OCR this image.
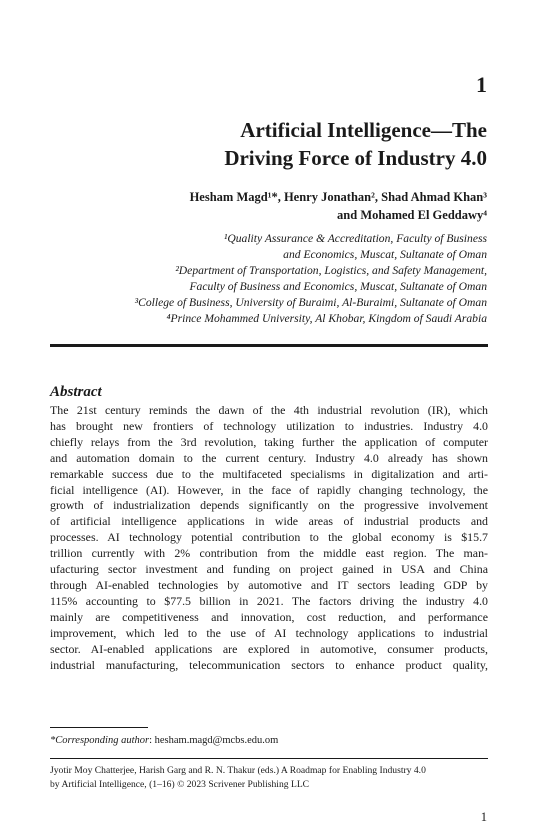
1
Artificial Intelligence—The
Driving Force of Industry 4.0
Hesham Magd¹*, Henry Jonathan², Shad Ahmad Khan³
and Mohamed El Geddawy⁴
¹Quality Assurance & Accreditation, Faculty of Business
and Economics, Muscat, Sultanate of Oman
²Department of Transportation, Logistics, and Safety Management,
Faculty of Business and Economics, Muscat, Sultanate of Oman
³College of Business, University of Buraimi, Al-Buraimi, Sultanate of Oman
⁴Prince Mohammed University, Al Khobar, Kingdom of Saudi Arabia
Abstract
The 21st century reminds the dawn of the 4th industrial revolution (IR), which
has brought new frontiers of technology utilization to industries. Industry 4.0
chiefly relays from the 3rd revolution, taking further the application of computer
and automation domain to the current century. Industry 4.0 already has shown
remarkable success due to the multifaceted specialisms in digitalization and arti-
ficial intelligence (AI). However, in the face of rapidly changing technology, the
growth of industrialization depends significantly on the progressive involvement
of artificial intelligence applications in wide areas of industrial products and
processes. AI technology potential contribution to the global economy is $15.7
trillion currently with 2% contribution from the middle east region. The man-
ufacturing sector investment and funding on project gained in USA and China
through AI-enabled technologies by automotive and IT sectors leading GDP by
115% accounting to $77.5 billion in 2021. The factors driving the industry 4.0
mainly are competitiveness and innovation, cost reduction, and performance
improvement, which led to the use of AI technology applications to industrial
sector. AI-enabled applications are explored in automotive, consumer products,
industrial manufacturing, telecommunication sectors to enhance product quality,
*Corresponding author: hesham.magd@mcbs.edu.om
Jyotir Moy Chatterjee, Harish Garg and R. N. Thakur (eds.) A Roadmap for Enabling Industry 4.0
by Artificial Intelligence, (1–16) © 2023 Scrivener Publishing LLC
1
